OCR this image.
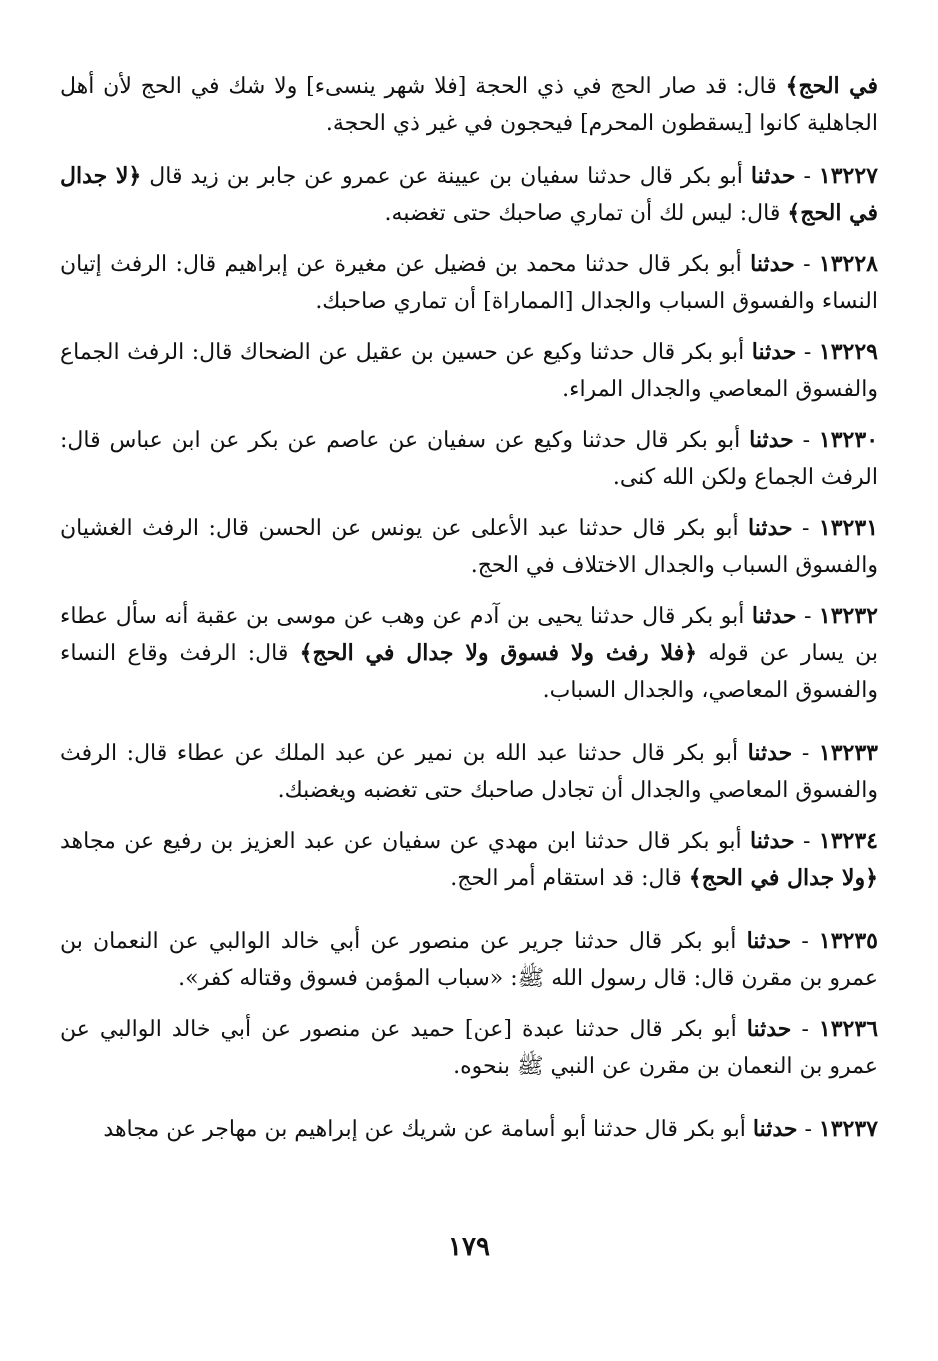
في الحج﴾ قال: قد صار الحج في ذي الحجة [فلا شهر ينسىء] ولا شك في الحج لأن أهل الجاهلية كانوا [يسقطون المحرم] فيحجون في غير ذي الحجة.

١٣٢٢٧ - حدثنا أبو بكر قال حدثنا سفيان بن عيينة عن عمرو عن جابر بن زيد قال ﴿لا جدال في الحج﴾ قال: ليس لك أن تماري صاحبك حتى تغضبه.

١٣٢٢٨ - حدثنا أبو بكر قال حدثنا محمد بن فضيل عن مغيرة عن إبراهيم قال: الرفث إتيان النساء والفسوق السباب والجدال [المماراة] أن تماري صاحبك.

١٣٢٢٩ - حدثنا أبو بكر قال حدثنا وكيع عن حسين بن عقيل عن الضحاك قال: الرفث الجماع والفسوق المعاصي والجدال المراء.

١٣٢٣٠ - حدثنا أبو بكر قال حدثنا وكيع عن سفيان عن عاصم عن بكر عن ابن عباس قال: الرفث الجماع ولكن الله كنى.

١٣٢٣١ - حدثنا أبو بكر قال حدثنا عبد الأعلى عن يونس عن الحسن قال: الرفث الغشيان والفسوق السباب والجدال الاختلاف في الحج.

١٣٢٣٢ - حدثنا أبو بكر قال حدثنا يحيى بن آدم عن وهب عن موسى بن عقبة أنه سأل عطاء بن يسار عن قوله ﴿فلا رفث ولا فسوق ولا جدال في الحج﴾ قال: الرفث وقاع النساء والفسوق المعاصي، والجدال السباب.

١٣٢٣٣ - حدثنا أبو بكر قال حدثنا عبد الله بن نمير عن عبد الملك عن عطاء قال: الرفث والفسوق المعاصي والجدال أن تجادل صاحبك حتى تغضبه ويغضبك.

١٣٢٣٤ - حدثنا أبو بكر قال حدثنا ابن مهدي عن سفيان عن عبد العزيز بن رفيع عن مجاهد ﴿ولا جدال في الحج﴾ قال: قد استقام أمر الحج.

١٣٢٣٥ - حدثنا أبو بكر قال حدثنا جرير عن منصور عن أبي خالد الوالبي عن النعمان بن عمرو بن مقرن قال: قال رسول الله ﷺ: «سباب المؤمن فسوق وقتاله كفر».

١٣٢٣٦ - حدثنا أبو بكر قال حدثنا عبدة [عن] حميد عن منصور عن أبي خالد الوالبي عن عمرو بن النعمان بن مقرن عن النبي ﷺ بنحوه.

١٣٢٣٧ - حدثنا أبو بكر قال حدثنا أبو أسامة عن شريك عن إبراهيم بن مهاجر عن مجاهد

١٧٩
